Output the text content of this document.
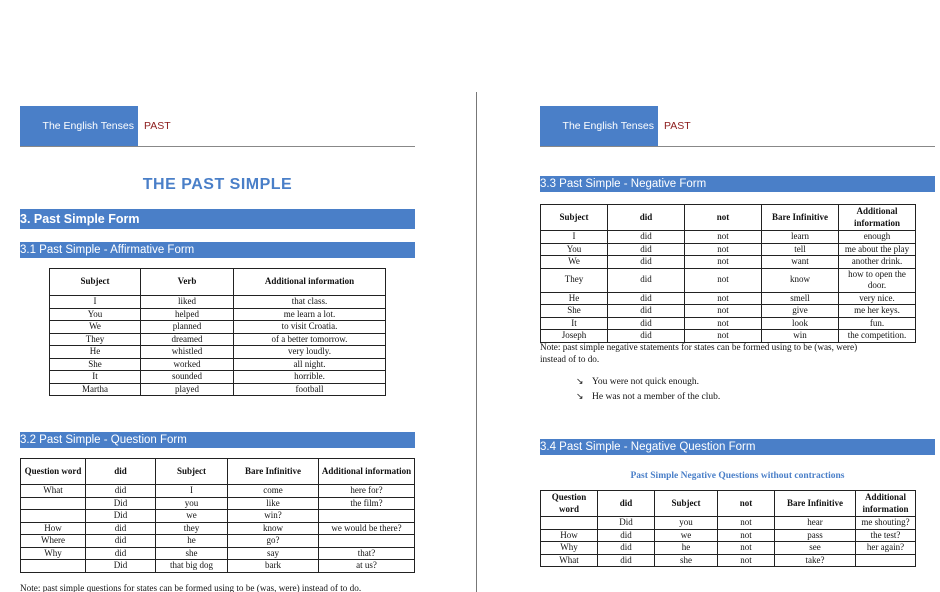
The English Tenses PAST
THE PAST SIMPLE
3. Past Simple Form
3.1 Past Simple - Affirmative Form
Subject	Verb	Additional information
I	liked	that class.
You	helped	me learn a lot.
We	planned	to visit Croatia.
They	dreamed	of a better tomorrow.
He	whistled	very loudly.
She	worked	all night.
It	sounded	horrible.
Martha	played	football
3.2 Past Simple - Question Form
Question word	did	Subject	Bare Infinitive	Additional information
What	did	I	come	here for?
	Did	you	like	the film?
	Did	we	win?	
How	did	they	know	we would be there?
Where	did	he	go?	
Why	did	she	say	that?
	Did	that big dog	bark	at us?
Note: past simple questions for states can be formed using to be (was, were) instead of to do.
The English Tenses PAST
3.3 Past Simple - Negative Form
Subject	did	not	Bare Infinitive	Additional information
I	did	not	learn	enough
You	did	not	tell	me about the play
We	did	not	want	another drink.
They	did	not	know	how to open the door.
He	did	not	smell	very nice.
She	did	not	give	me her keys.
It	did	not	look	fun.
Joseph	did	not	win	the competition.
Note: past simple negative statements for states can be formed using to be (was, were)
instead of to do.
↘ You were not quick enough.
↘ He was not a member of the club.
3.4 Past Simple - Negative Question Form
Past Simple Negative Questions without contractions
Question word	did	Subject	not	Bare Infinitive	Additional information
	Did	you	not	hear	me shouting?
How	did	we	not	pass	the test?
Why	did	he	not	see	her again?
What	did	she	not	take?	
